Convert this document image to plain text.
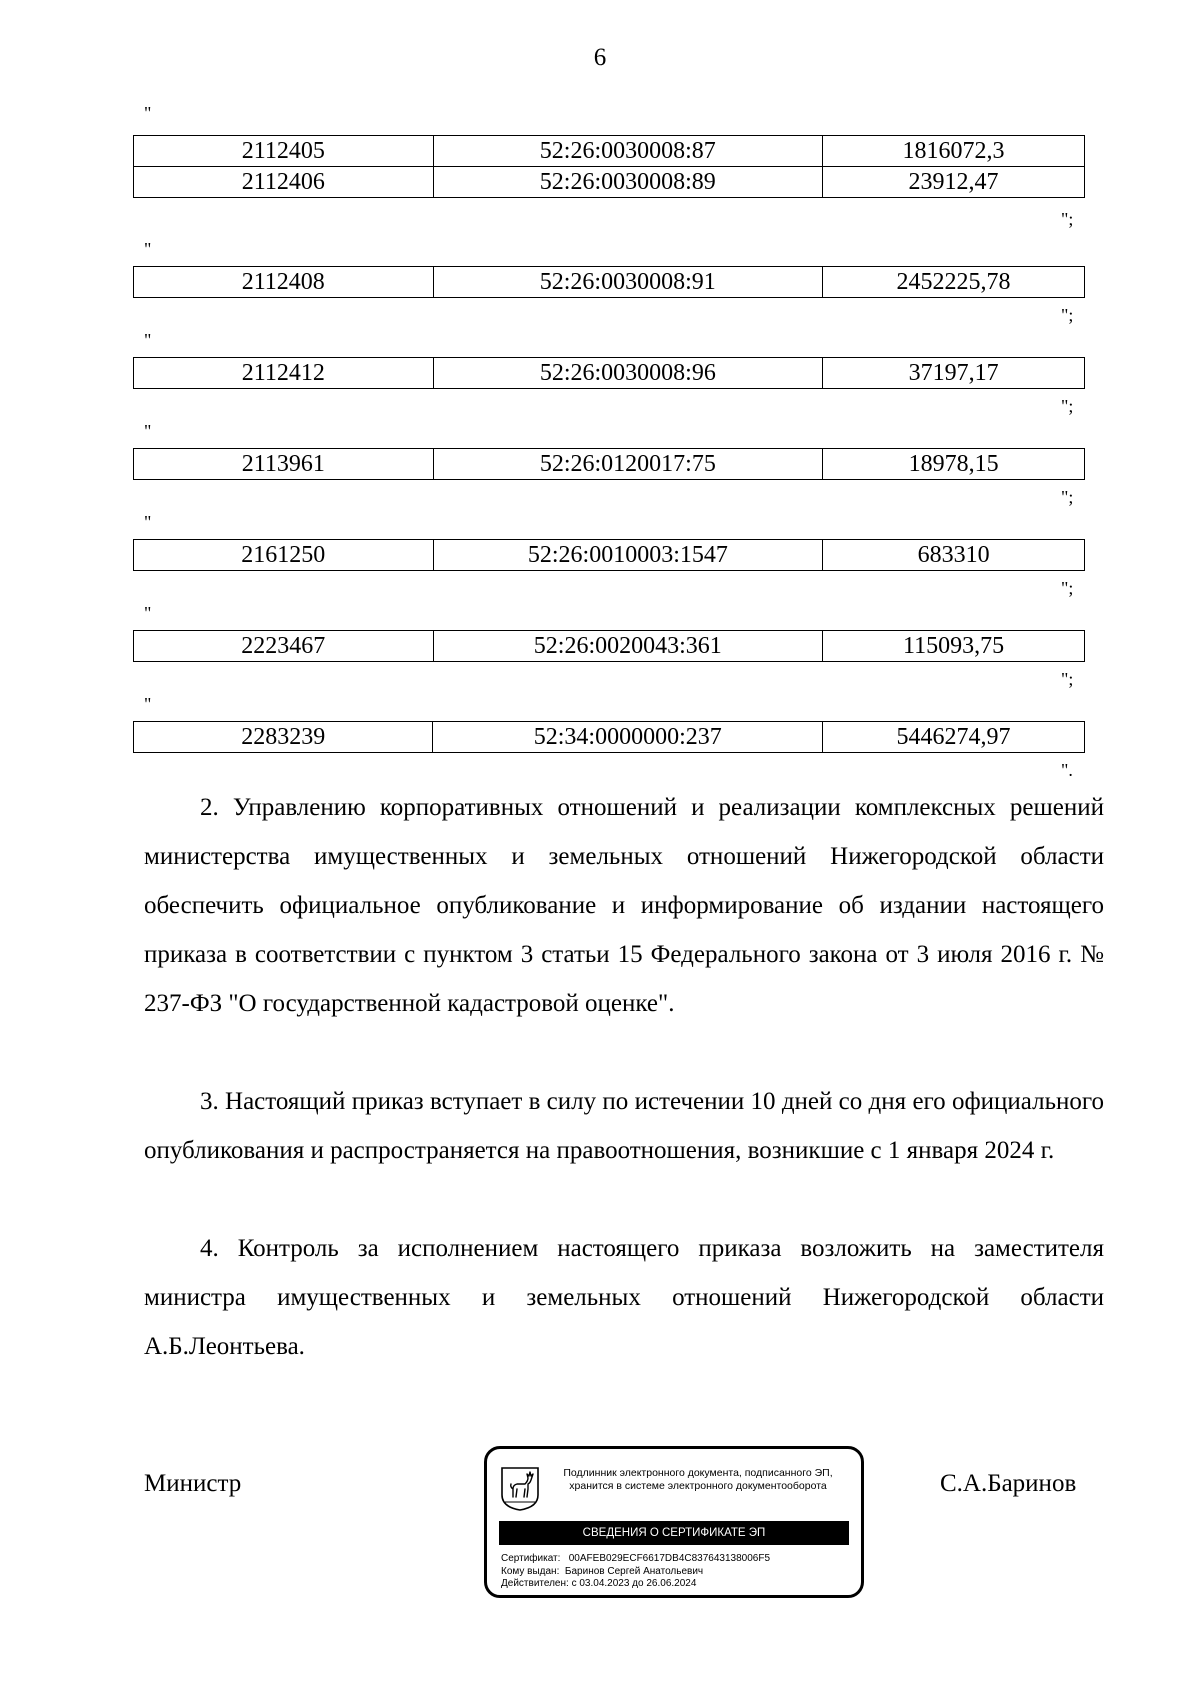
6
"
2112405	52:26:0030008:87	1816072,3
2112406	52:26:0030008:89	23912,47
";
"
2112408	52:26:0030008:91	2452225,78
";
"
2112412	52:26:0030008:96	37197,17
";
"
2113961	52:26:0120017:75	18978,15
";
"
2161250	52:26:0010003:1547	683310
";
"
2223467	52:26:0020043:361	115093,75
";
"
2283239	52:34:0000000:237	5446274,97
".
2. Управлению корпоративных отношений и реализации комплексных решений министерства имущественных и земельных отношений Нижегородской области обеспечить официальное опубликование и информирование об издании настоящего приказа в соответствии с пунктом 3 статьи 15 Федерального закона от 3 июля 2016 г. № 237-ФЗ "О государственной кадастровой оценке".
3. Настоящий приказ вступает в силу по истечении 10 дней со дня его официального опубликования и распространяется на правоотношения, возникшие с 1 января 2024 г.
4. Контроль за исполнением настоящего приказа возложить на заместителя министра имущественных и земельных отношений Нижегородской области А.Б.Леонтьева.
Министр	С.А.Баринов
Подлинник электронного документа, подписанного ЭП,
хранится в системе электронного документооборота
СВЕДЕНИЯ О СЕРТИФИКАТЕ ЭП
Сертификат: 00AFEB029ECF6617DB4C837643138006F5
Кому выдан: Баринов Сергей Анатольевич
Действителен: с 03.04.2023 до 26.06.2024
